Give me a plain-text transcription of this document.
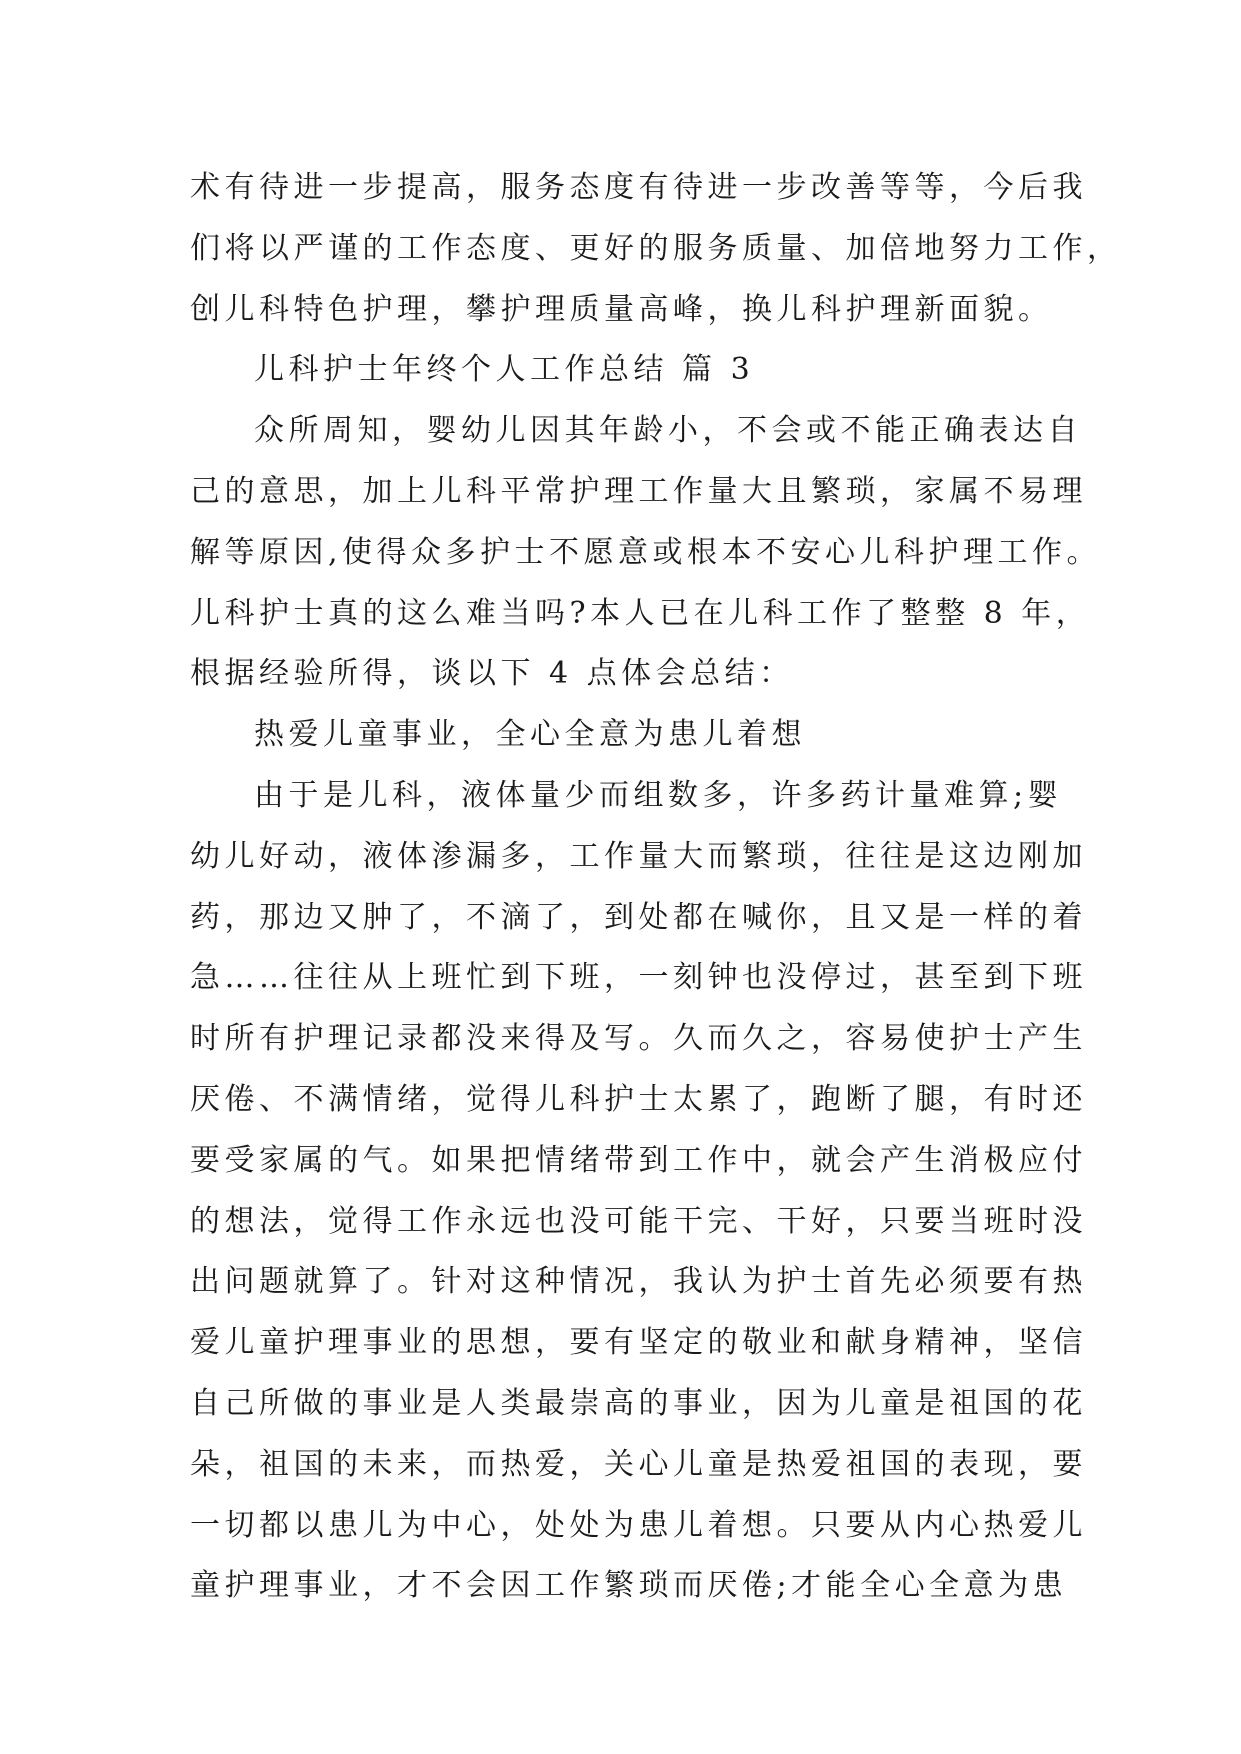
术有待进一步提高，服务态度有待进一步改善等等，今后我
们将以严谨的工作态度、更好的服务质量、加倍地努力工作，
创儿科特色护理，攀护理质量高峰，换儿科护理新面貌。
儿科护士年终个人工作总结 篇 3
众所周知，婴幼儿因其年龄小，不会或不能正确表达自
己的意思，加上儿科平常护理工作量大且繁琐，家属不易理
解等原因,使得众多护士不愿意或根本不安心儿科护理工作。
儿科护士真的这么难当吗?本人已在儿科工作了整整 8 年，
根据经验所得，谈以下 4 点体会总结：
热爱儿童事业，全心全意为患儿着想
由于是儿科，液体量少而组数多，许多药计量难算;婴
幼儿好动，液体渗漏多，工作量大而繁琐，往往是这边刚加
药，那边又肿了，不滴了，到处都在喊你，且又是一样的着
急……往往从上班忙到下班，一刻钟也没停过，甚至到下班
时所有护理记录都没来得及写。久而久之，容易使护士产生
厌倦、不满情绪，觉得儿科护士太累了，跑断了腿，有时还
要受家属的气。如果把情绪带到工作中，就会产生消极应付
的想法，觉得工作永远也没可能干完、干好，只要当班时没
出问题就算了。针对这种情况，我认为护士首先必须要有热
爱儿童护理事业的思想，要有坚定的敬业和献身精神，坚信
自己所做的事业是人类最崇高的事业，因为儿童是祖国的花
朵，祖国的未来，而热爱，关心儿童是热爱祖国的表现，要
一切都以患儿为中心，处处为患儿着想。只要从内心热爱儿
童护理事业，才不会因工作繁琐而厌倦;才能全心全意为患
